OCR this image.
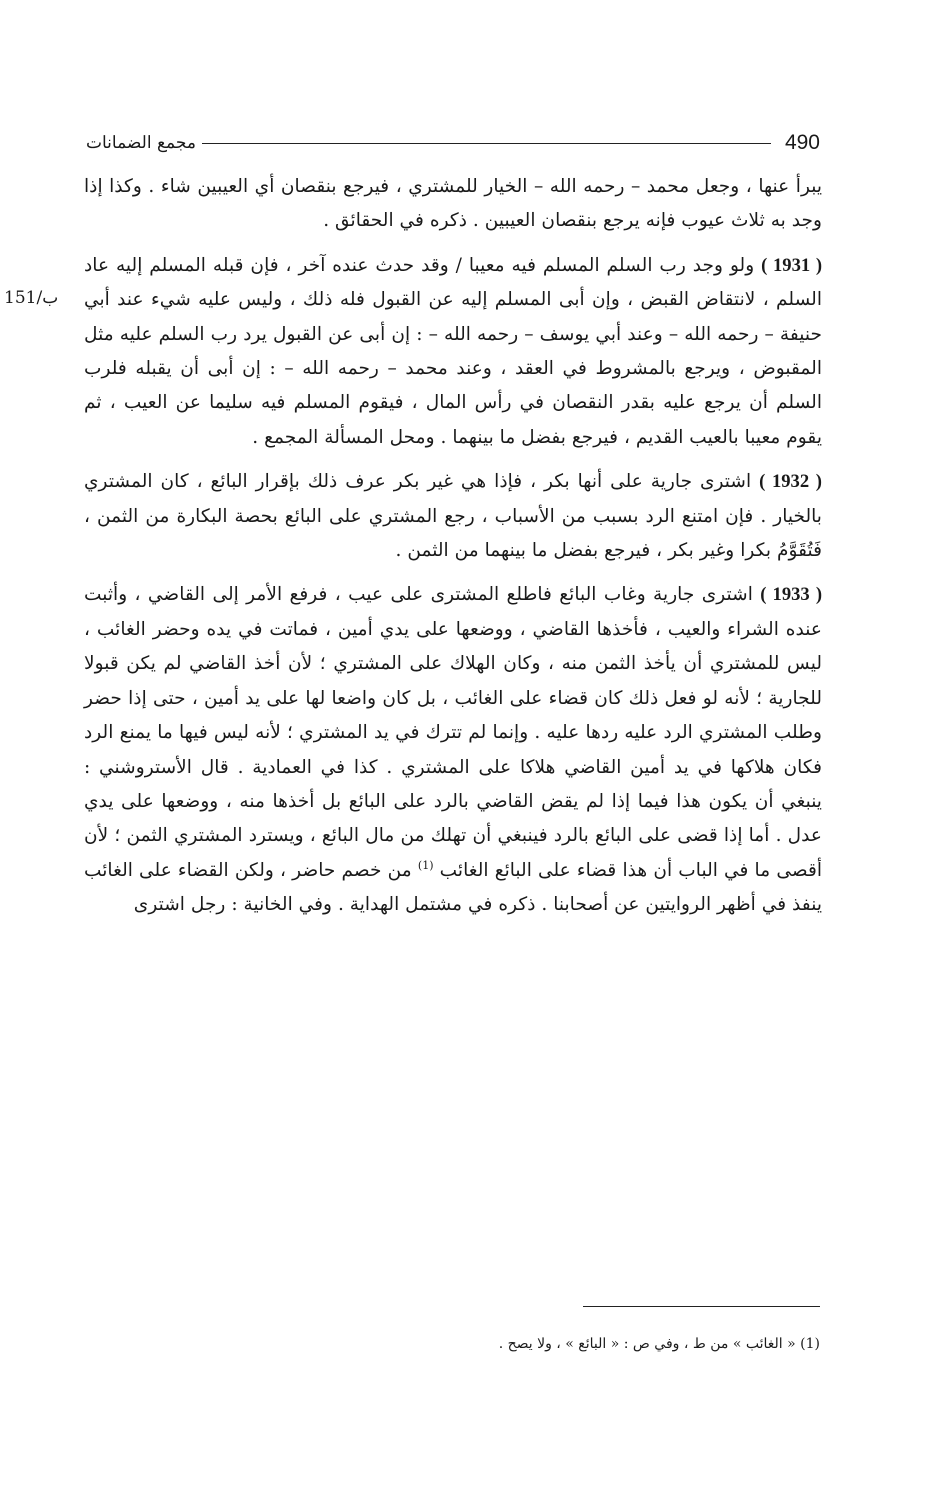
490
مجمع الضمانات
151/ب

يبرأ عنها ، وجعل محمد – رحمه الله – الخيار للمشتري ، فيرجع بنقصان أي العيبين شاء . وكذا إذا وجد به ثلاث عيوب فإنه يرجع بنقصان العيبين . ذكره في الحقائق .

( 1931 ) ولو وجد رب السلم المسلم فيه معيبا / وقد حدث عنده آخر ، فإن قبله المسلم إليه عاد السلم ، لانتقاض القبض ، وإن أبى المسلم إليه عن القبول فله ذلك ، وليس عليه شيء عند أبي حنيفة – رحمه الله – وعند أبي يوسف – رحمه الله – : إن أبى عن القبول يرد رب السلم عليه مثل المقبوض ، ويرجع بالمشروط في العقد ، وعند محمد – رحمه الله – : إن أبى أن يقبله فلرب السلم أن يرجع عليه بقدر النقصان في رأس المال ، فيقوم المسلم فيه سليما عن العيب ، ثم يقوم معيبا بالعيب القديم ، فيرجع بفضل ما بينهما . ومحل المسألة المجمع .

( 1932 ) اشترى جارية على أنها بكر ، فإذا هي غير بكر عرف ذلك بإقرار البائع ، كان المشتري بالخيار . فإن امتنع الرد بسبب من الأسباب ، رجع المشتري على البائع بحصة البكارة من الثمن ، فَتُقَوَّمُ بكرا وغير بكر ، فيرجع بفضل ما بينهما من الثمن .

( 1933 ) اشترى جارية وغاب البائع فاطلع المشترى على عيب ، فرفع الأمر إلى القاضي ، وأثبت عنده الشراء والعيب ، فأخذها القاضي ، ووضعها على يدي أمين ، فماتت في يده وحضر الغائب ، ليس للمشتري أن يأخذ الثمن منه ، وكان الهلاك على المشتري ؛ لأن أخذ القاضي لم يكن قبولا للجارية ؛ لأنه لو فعل ذلك كان قضاء على الغائب ، بل كان واضعا لها على يد أمين ، حتى إذا حضر وطلب المشتري الرد عليه ردها عليه . وإنما لم تترك في يد المشتري ؛ لأنه ليس فيها ما يمنع الرد فكان هلاكها في يد أمين القاضي هلاكا على المشتري . كذا في العمادية . قال الأستروشني : ينبغي أن يكون هذا فيما إذا لم يقض القاضي بالرد على البائع بل أخذها منه ، ووضعها على يدي عدل . أما إذا قضى على البائع بالرد فينبغي أن تهلك من مال البائع ، ويسترد المشتري الثمن ؛ لأن أقصى ما في الباب أن هذا قضاء على البائع الغائب $^{(1)}$ من خصم حاضر ، ولكن القضاء على الغائب ينفذ في أظهر الروايتين عن أصحابنا . ذكره في مشتمل الهداية . وفي الخانية : رجل اشترى

(1) « الغائب » من ط ، وفي ص : « البائع » ، ولا يصح .
